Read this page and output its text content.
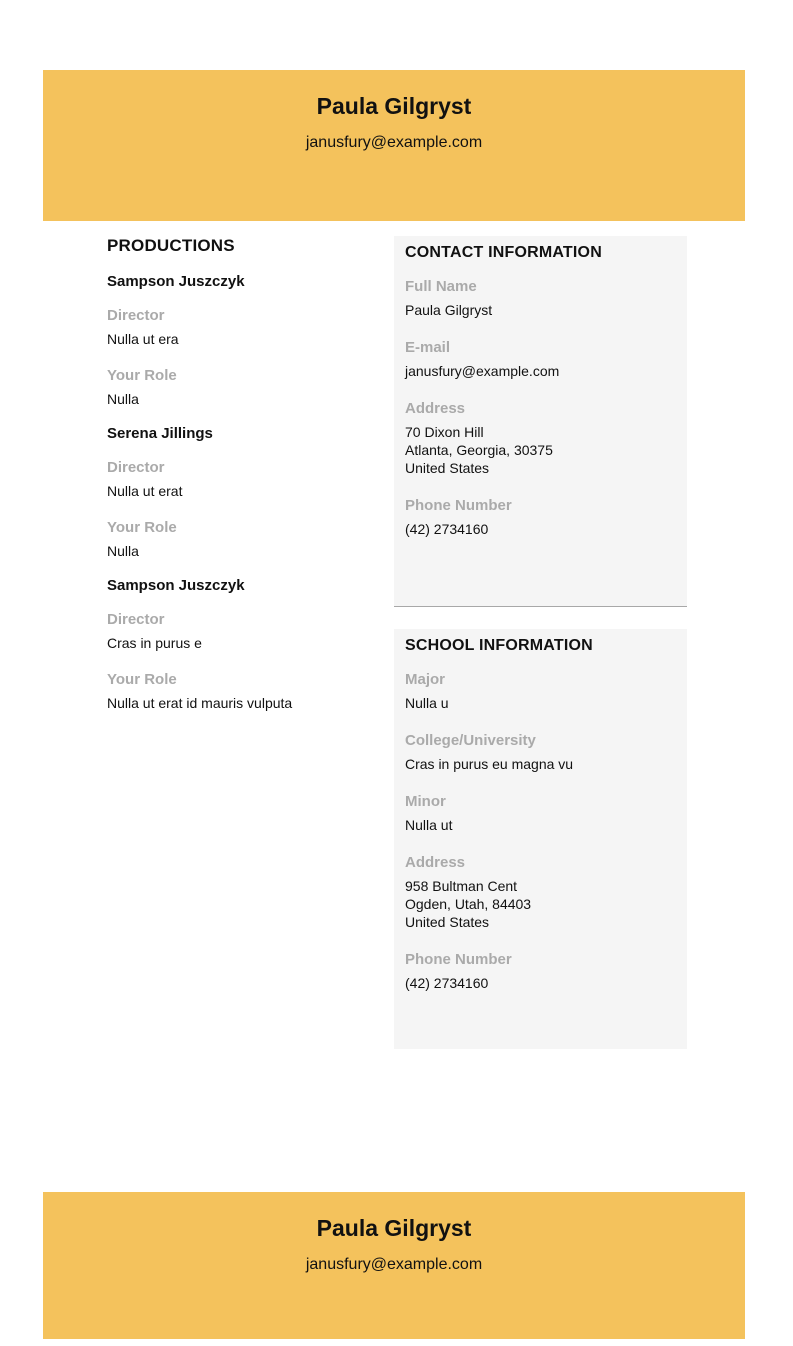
Paula Gilgryst
janusfury@example.com
PRODUCTIONS
Sampson Juszczyk
Director
Nulla ut era
Your Role
Nulla
Serena Jillings
Director
Nulla ut erat
Your Role
Nulla
Sampson Juszczyk
Director
Cras in purus e
Your Role
Nulla ut erat id mauris vulputa
CONTACT INFORMATION
Full Name
Paula Gilgryst
E-mail
janusfury@example.com
Address
70 Dixon Hill
Atlanta, Georgia, 30375
United States
Phone Number
(42) 2734160
SCHOOL INFORMATION
Major
Nulla u
College/University
Cras in purus eu magna vu
Minor
Nulla ut
Address
958 Bultman Cent
Ogden, Utah, 84403
United States
Phone Number
(42) 2734160
Paula Gilgryst
janusfury@example.com
